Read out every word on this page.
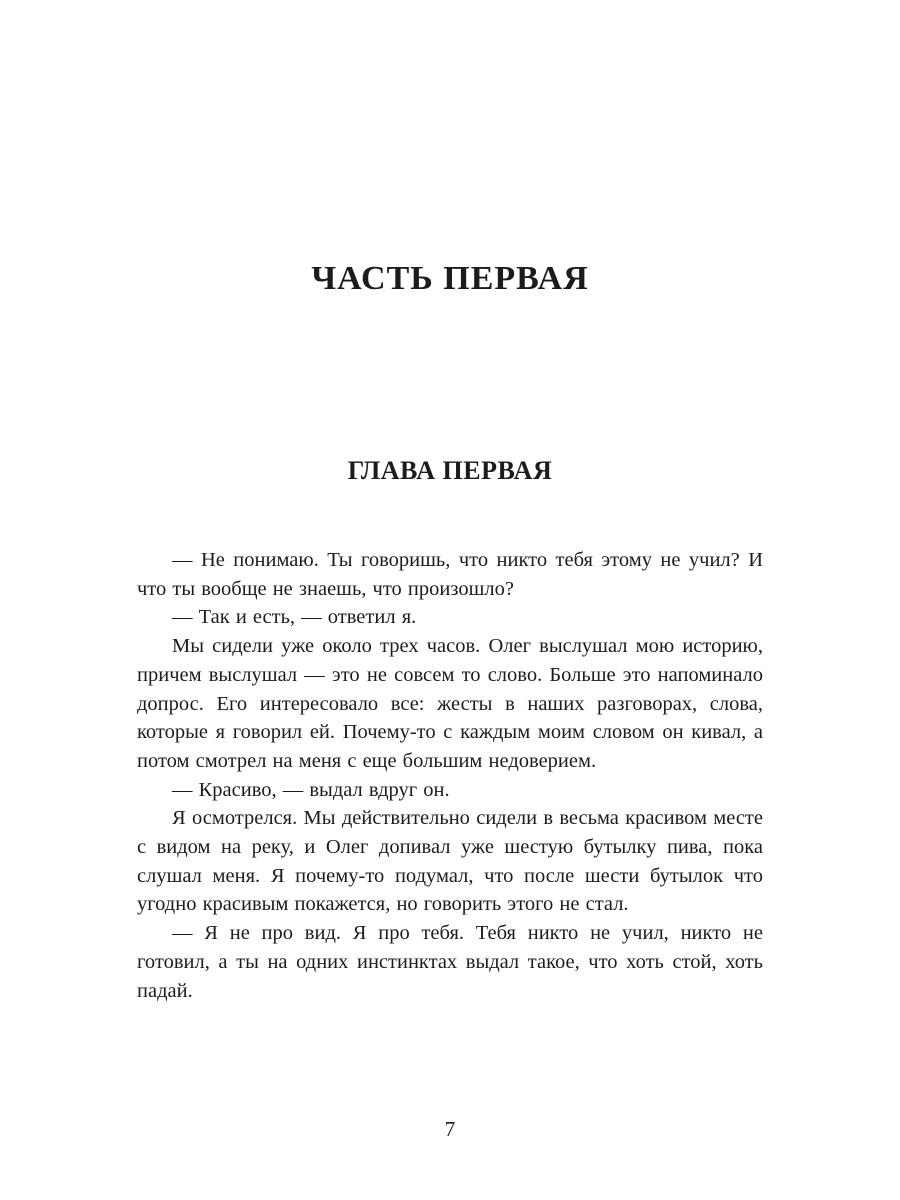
ЧАСТЬ ПЕРВАЯ
ГЛАВА ПЕРВАЯ

— Не понимаю. Ты говоришь, что никто тебя этому не учил? И что ты вообще не знаешь, что произошло?

— Так и есть, — ответил я.

Мы сидели уже около трех часов. Олег выслушал мою историю, причем выслушал — это не совсем то слово. Больше это напоминало допрос. Его интересовало все: жесты в наших разговорах, слова, которые я говорил ей. Почему-то с каждым моим словом он кивал, а потом смотрел на меня с еще большим недоверием.

— Красиво, — выдал вдруг он.

Я осмотрелся. Мы действительно сидели в весьма красивом месте с видом на реку, и Олег допивал уже шестую бутылку пива, пока слушал меня. Я почему-то подумал, что после шести бутылок что угодно красивым покажется, но говорить этого не стал.

— Я не про вид. Я про тебя. Тебя никто не учил, никто не готовил, а ты на одних инстинктах выдал такое, что хоть стой, хоть падай.

7
